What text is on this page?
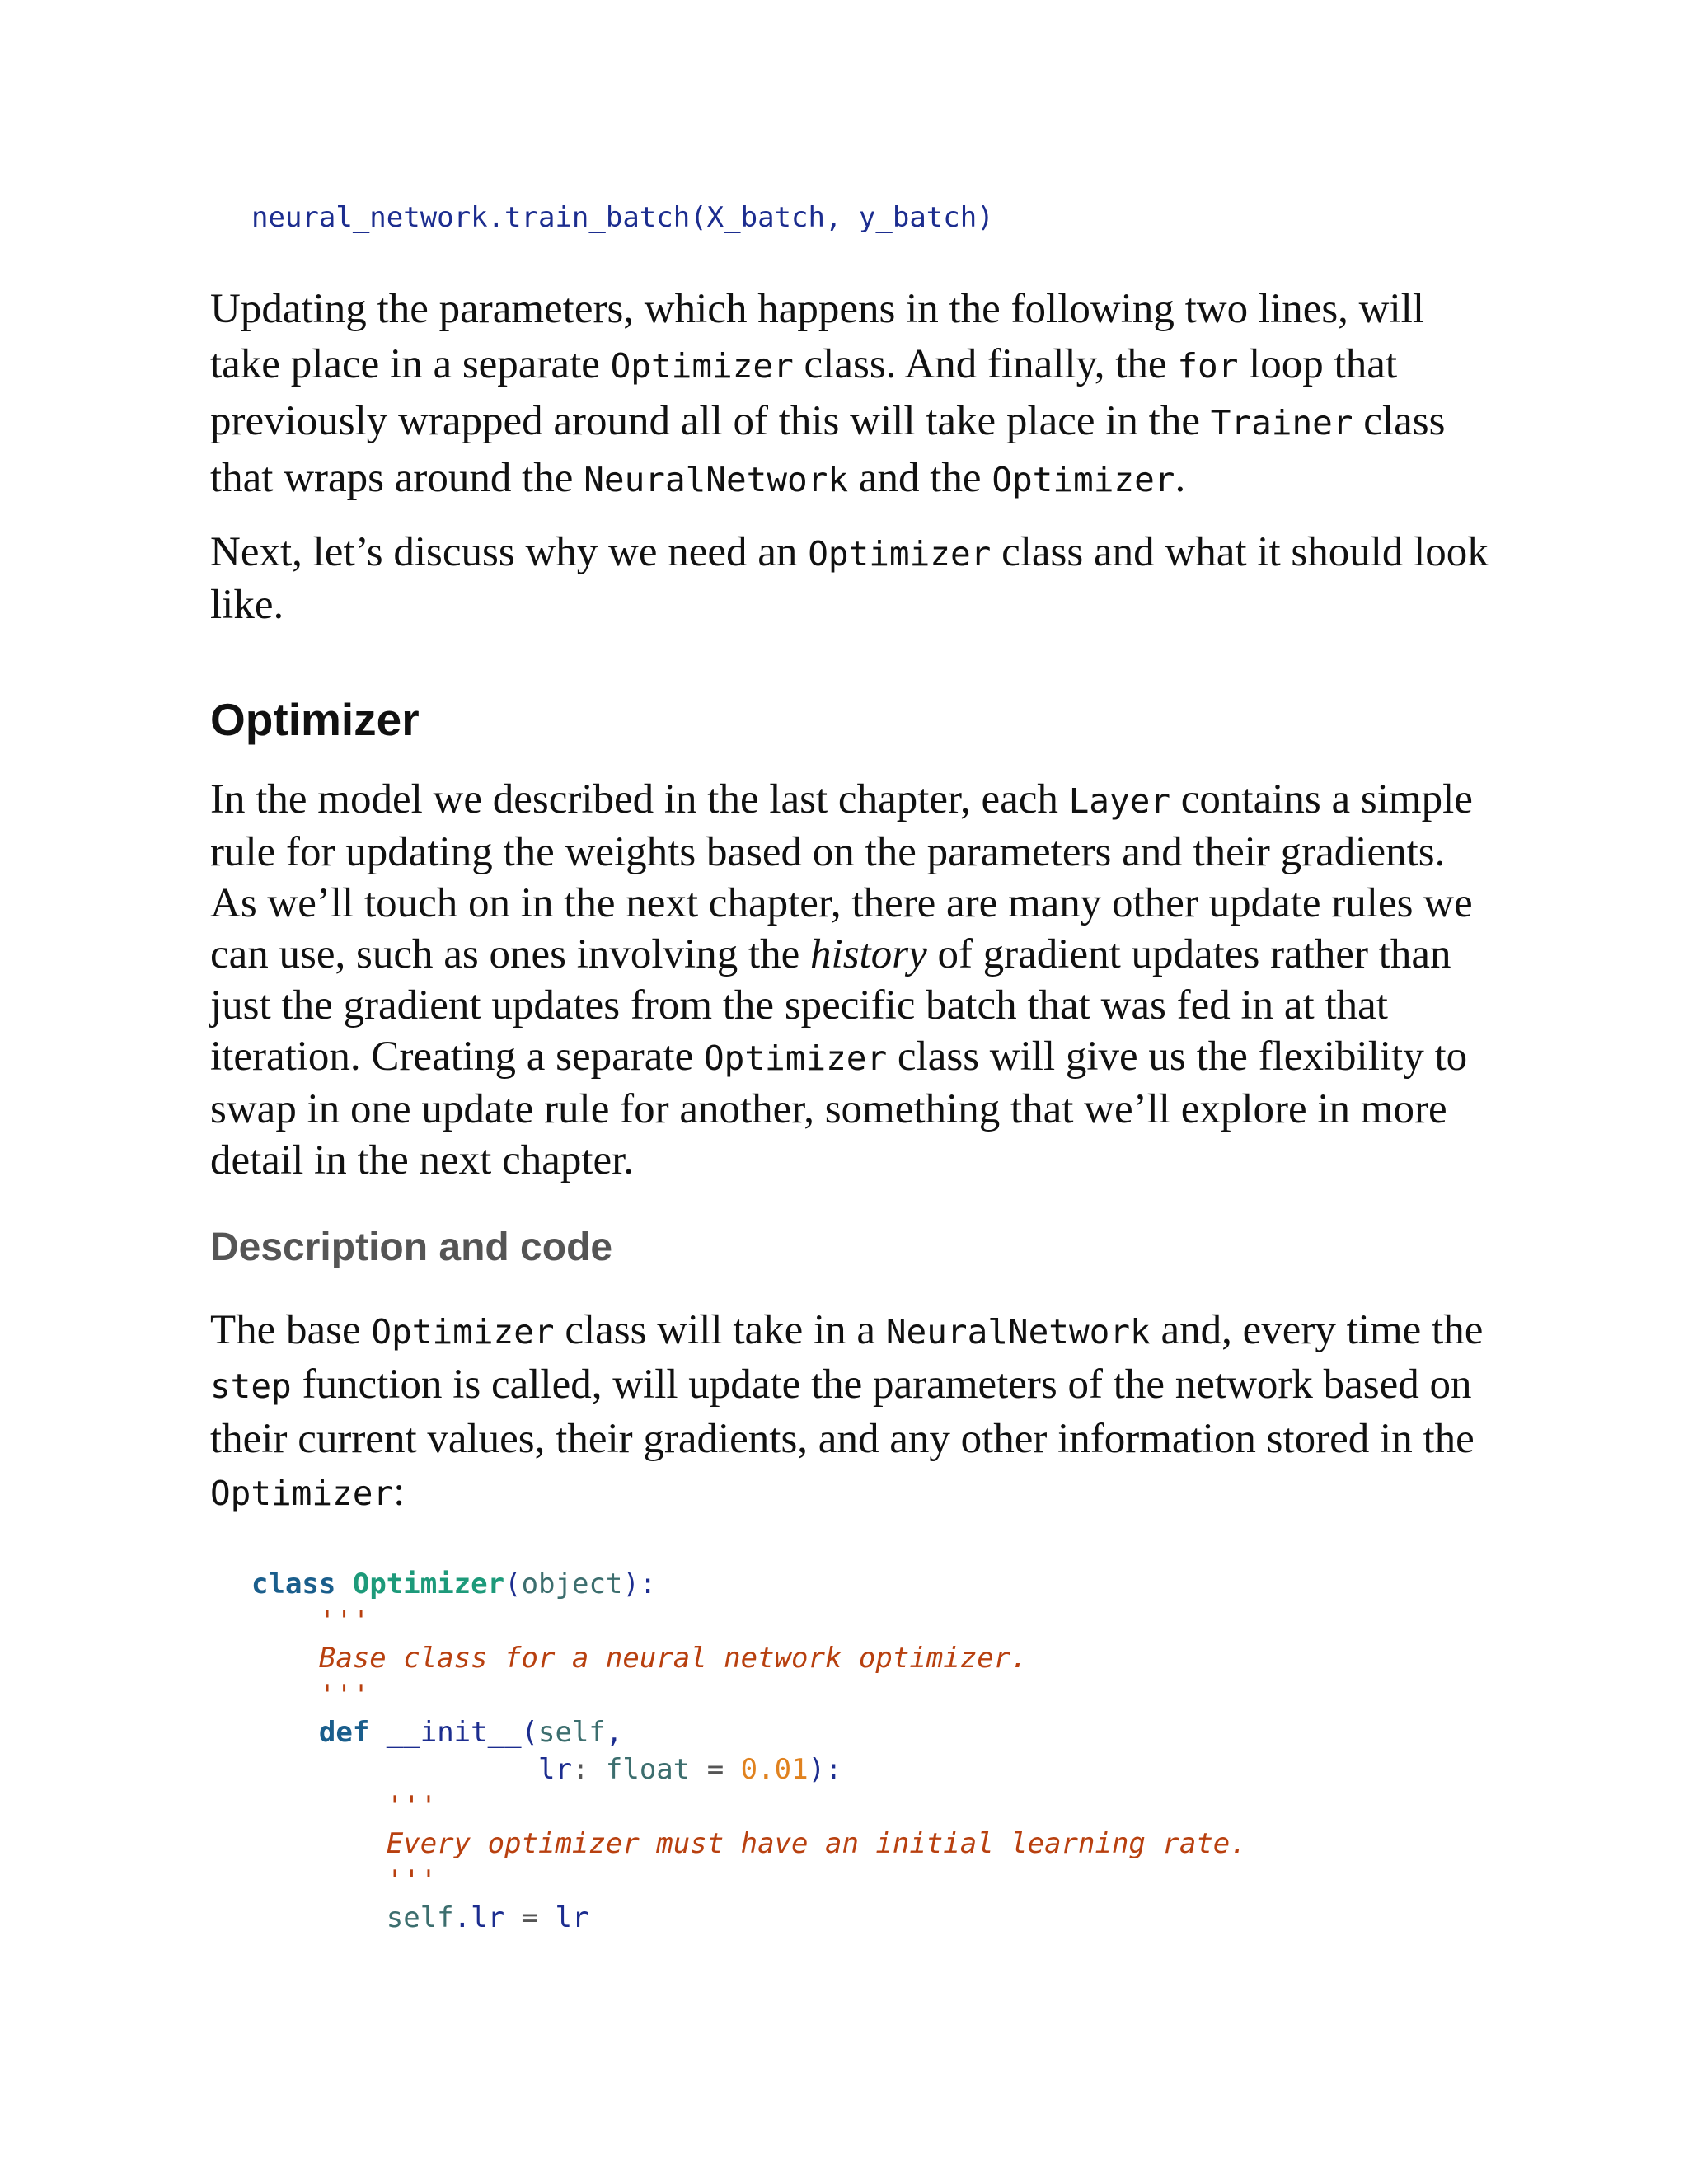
neural_network.train_batch(X_batch, y_batch)

Updating the parameters, which happens in the following two lines, will take place in a separate Optimizer class. And finally, the for loop that previously wrapped around all of this will take place in the Trainer class that wraps around the NeuralNetwork and the Optimizer.

Next, let’s discuss why we need an Optimizer class and what it should look like.

Optimizer

In the model we described in the last chapter, each Layer contains a simple rule for updating the weights based on the parameters and their gradients. As we’ll touch on in the next chapter, there are many other update rules we can use, such as ones involving the history of gradient updates rather than just the gradient updates from the specific batch that was fed in at that iteration. Creating a separate Optimizer class will give us the flexibility to swap in one update rule for another, something that we’ll explore in more detail in the next chapter.

Description and code

The base Optimizer class will take in a NeuralNetwork and, every time the step function is called, will update the parameters of the network based on their current values, their gradients, and any other information stored in the Optimizer:

class Optimizer(object):
'''
Base class for a neural network optimizer.
'''
def __init__(self,
lr: float = 0.01):
'''
Every optimizer must have an initial learning rate.
'''
self.lr = lr
